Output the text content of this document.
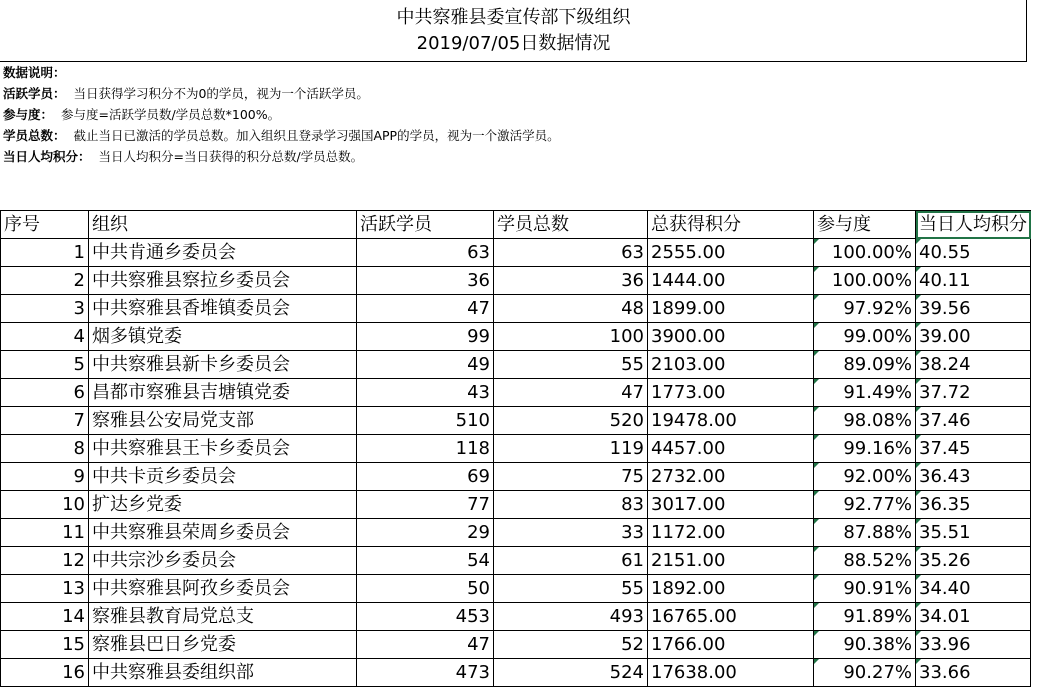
中共察雅县委宣传部下级组织
2019/07/05日数据情况
数据说明：
活跃学员： 当日获得学习积分不为0的学员，视为一个活跃学员。
参与度： 参与度=活跃学员数/学员总数*100%。
学员总数： 截止当日已激活的学员总数。加入组织且登录学习强国APP的学员，视为一个激活学员。
当日人均积分： 当日人均积分=当日获得的积分总数/学员总数。
序号	组织	活跃学员	学员总数	总获得积分	参与度	当日人均积分
1	中共肯通乡委员会	63	63	2555.00	100.00%	40.55
2	中共察雅县察拉乡委员会	36	36	1444.00	100.00%	40.11
3	中共察雅县香堆镇委员会	47	48	1899.00	97.92%	39.56
4	烟多镇党委	99	100	3900.00	99.00%	39.00
5	中共察雅县新卡乡委员会	49	55	2103.00	89.09%	38.24
6	昌都市察雅县吉塘镇党委	43	47	1773.00	91.49%	37.72
7	察雅县公安局党支部	510	520	19478.00	98.08%	37.46
8	中共察雅县王卡乡委员会	118	119	4457.00	99.16%	37.45
9	中共卡贡乡委员会	69	75	2732.00	92.00%	36.43
10	扩达乡党委	77	83	3017.00	92.77%	36.35
11	中共察雅县荣周乡委员会	29	33	1172.00	87.88%	35.51
12	中共宗沙乡委员会	54	61	2151.00	88.52%	35.26
13	中共察雅县阿孜乡委员会	50	55	1892.00	90.91%	34.40
14	察雅县教育局党总支	453	493	16765.00	91.89%	34.01
15	察雅县巴日乡党委	47	52	1766.00	90.38%	33.96
16	中共察雅县委组织部	473	524	17638.00	90.27%	33.66
